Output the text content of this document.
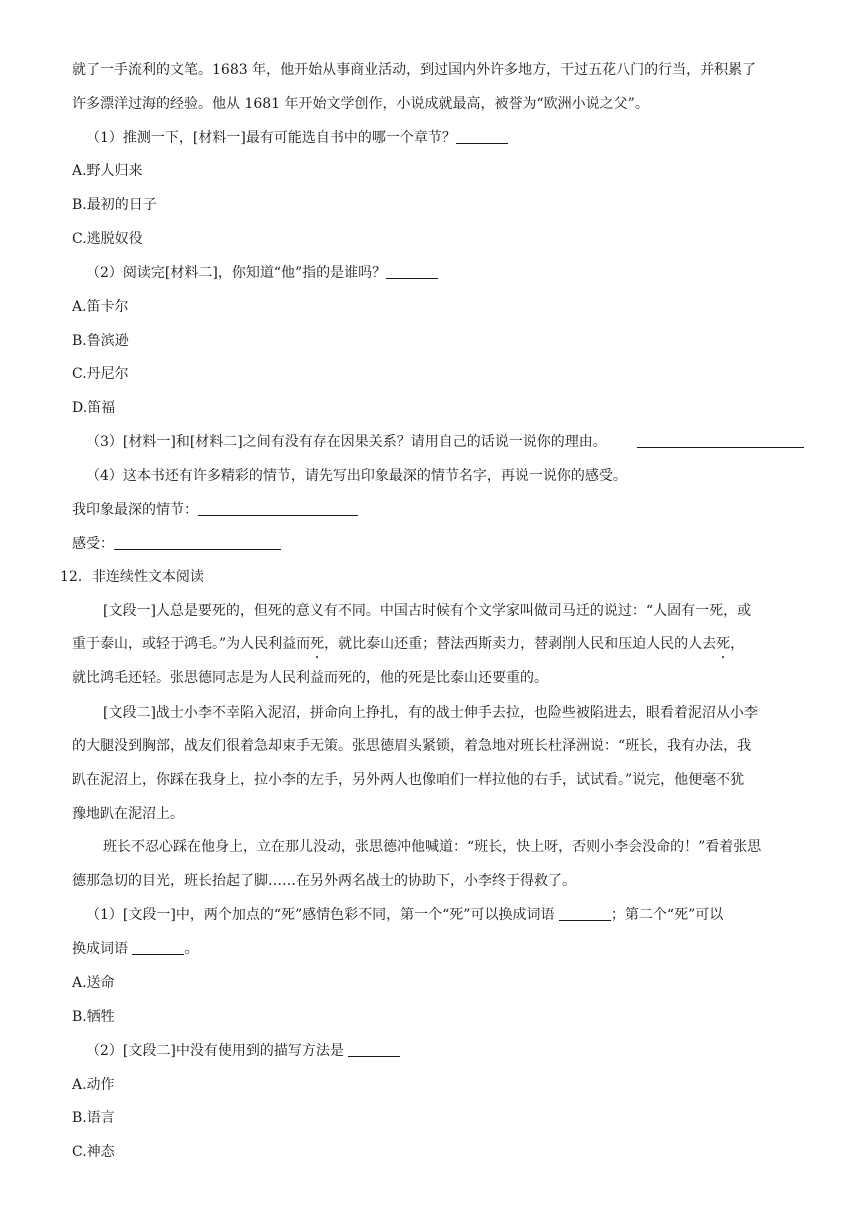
就了一手流利的文笔。1683 年，他开始从事商业活动，到过国内外许多地方，干过五花八门的行当，并积累了
许多漂洋过海的经验。他从 1681 年开始文学创作，小说成就最高，被誉为“欧洲小说之父”。
（1）推测一下，[材料一]最有可能选自书中的哪一个章节？
A.野人归来
B.最初的日子
C.逃脱奴役
（2）阅读完[材料二]，你知道“他”指的是谁吗？
A.笛卡尔
B.鲁滨逊
C.丹尼尔
D.笛福
（3）[材料一]和[材料二]之间有没有存在因果关系？请用自己的话说一说你的理由。
（4）这本书还有许多精彩的情节，请先写出印象最深的情节名字，再说一说你的感受。
我印象最深的情节：
感受：
12．非连续性文本阅读
[文段一]人总是要死的，但死的意义有不同。中国古时候有个文学家叫做司马迁的说过：“人固有一死，或
重于泰山，或轻于鸿毛。”为人民利益而死，就比泰山还重；替法西斯卖力，替剥削人民和压迫人民的人去死，
就比鸿毛还轻。张思德同志是为人民利益而死的，他的死是比泰山还要重的。
[文段二]战士小李不幸陷入泥沼，拼命向上挣扎，有的战士伸手去拉，也险些被陷进去，眼看着泥沼从小李
的大腿没到胸部，战友们很着急却束手无策。张思德眉头紧锁，着急地对班长杜泽洲说：“班长，我有办法，我
趴在泥沼上，你踩在我身上，拉小李的左手，另外两人也像咱们一样拉他的右手，试试看。”说完，他便毫不犹
豫地趴在泥沼上。
班长不忍心踩在他身上，立在那儿没动，张思德冲他喊道：“班长，快上呀，否则小李会没命的！”看着张思
德那急切的目光，班长抬起了脚……在另外两名战士的协助下，小李终于得救了。
（1）[文段一]中，两个加点的“死”感情色彩不同，第一个“死”可以换成词语	；第二个“死”可以
换成词语	。
A.送命
B.牺牲
（2）[文段二]中没有使用到的描写方法是
A.动作
B.语言
C.神态
